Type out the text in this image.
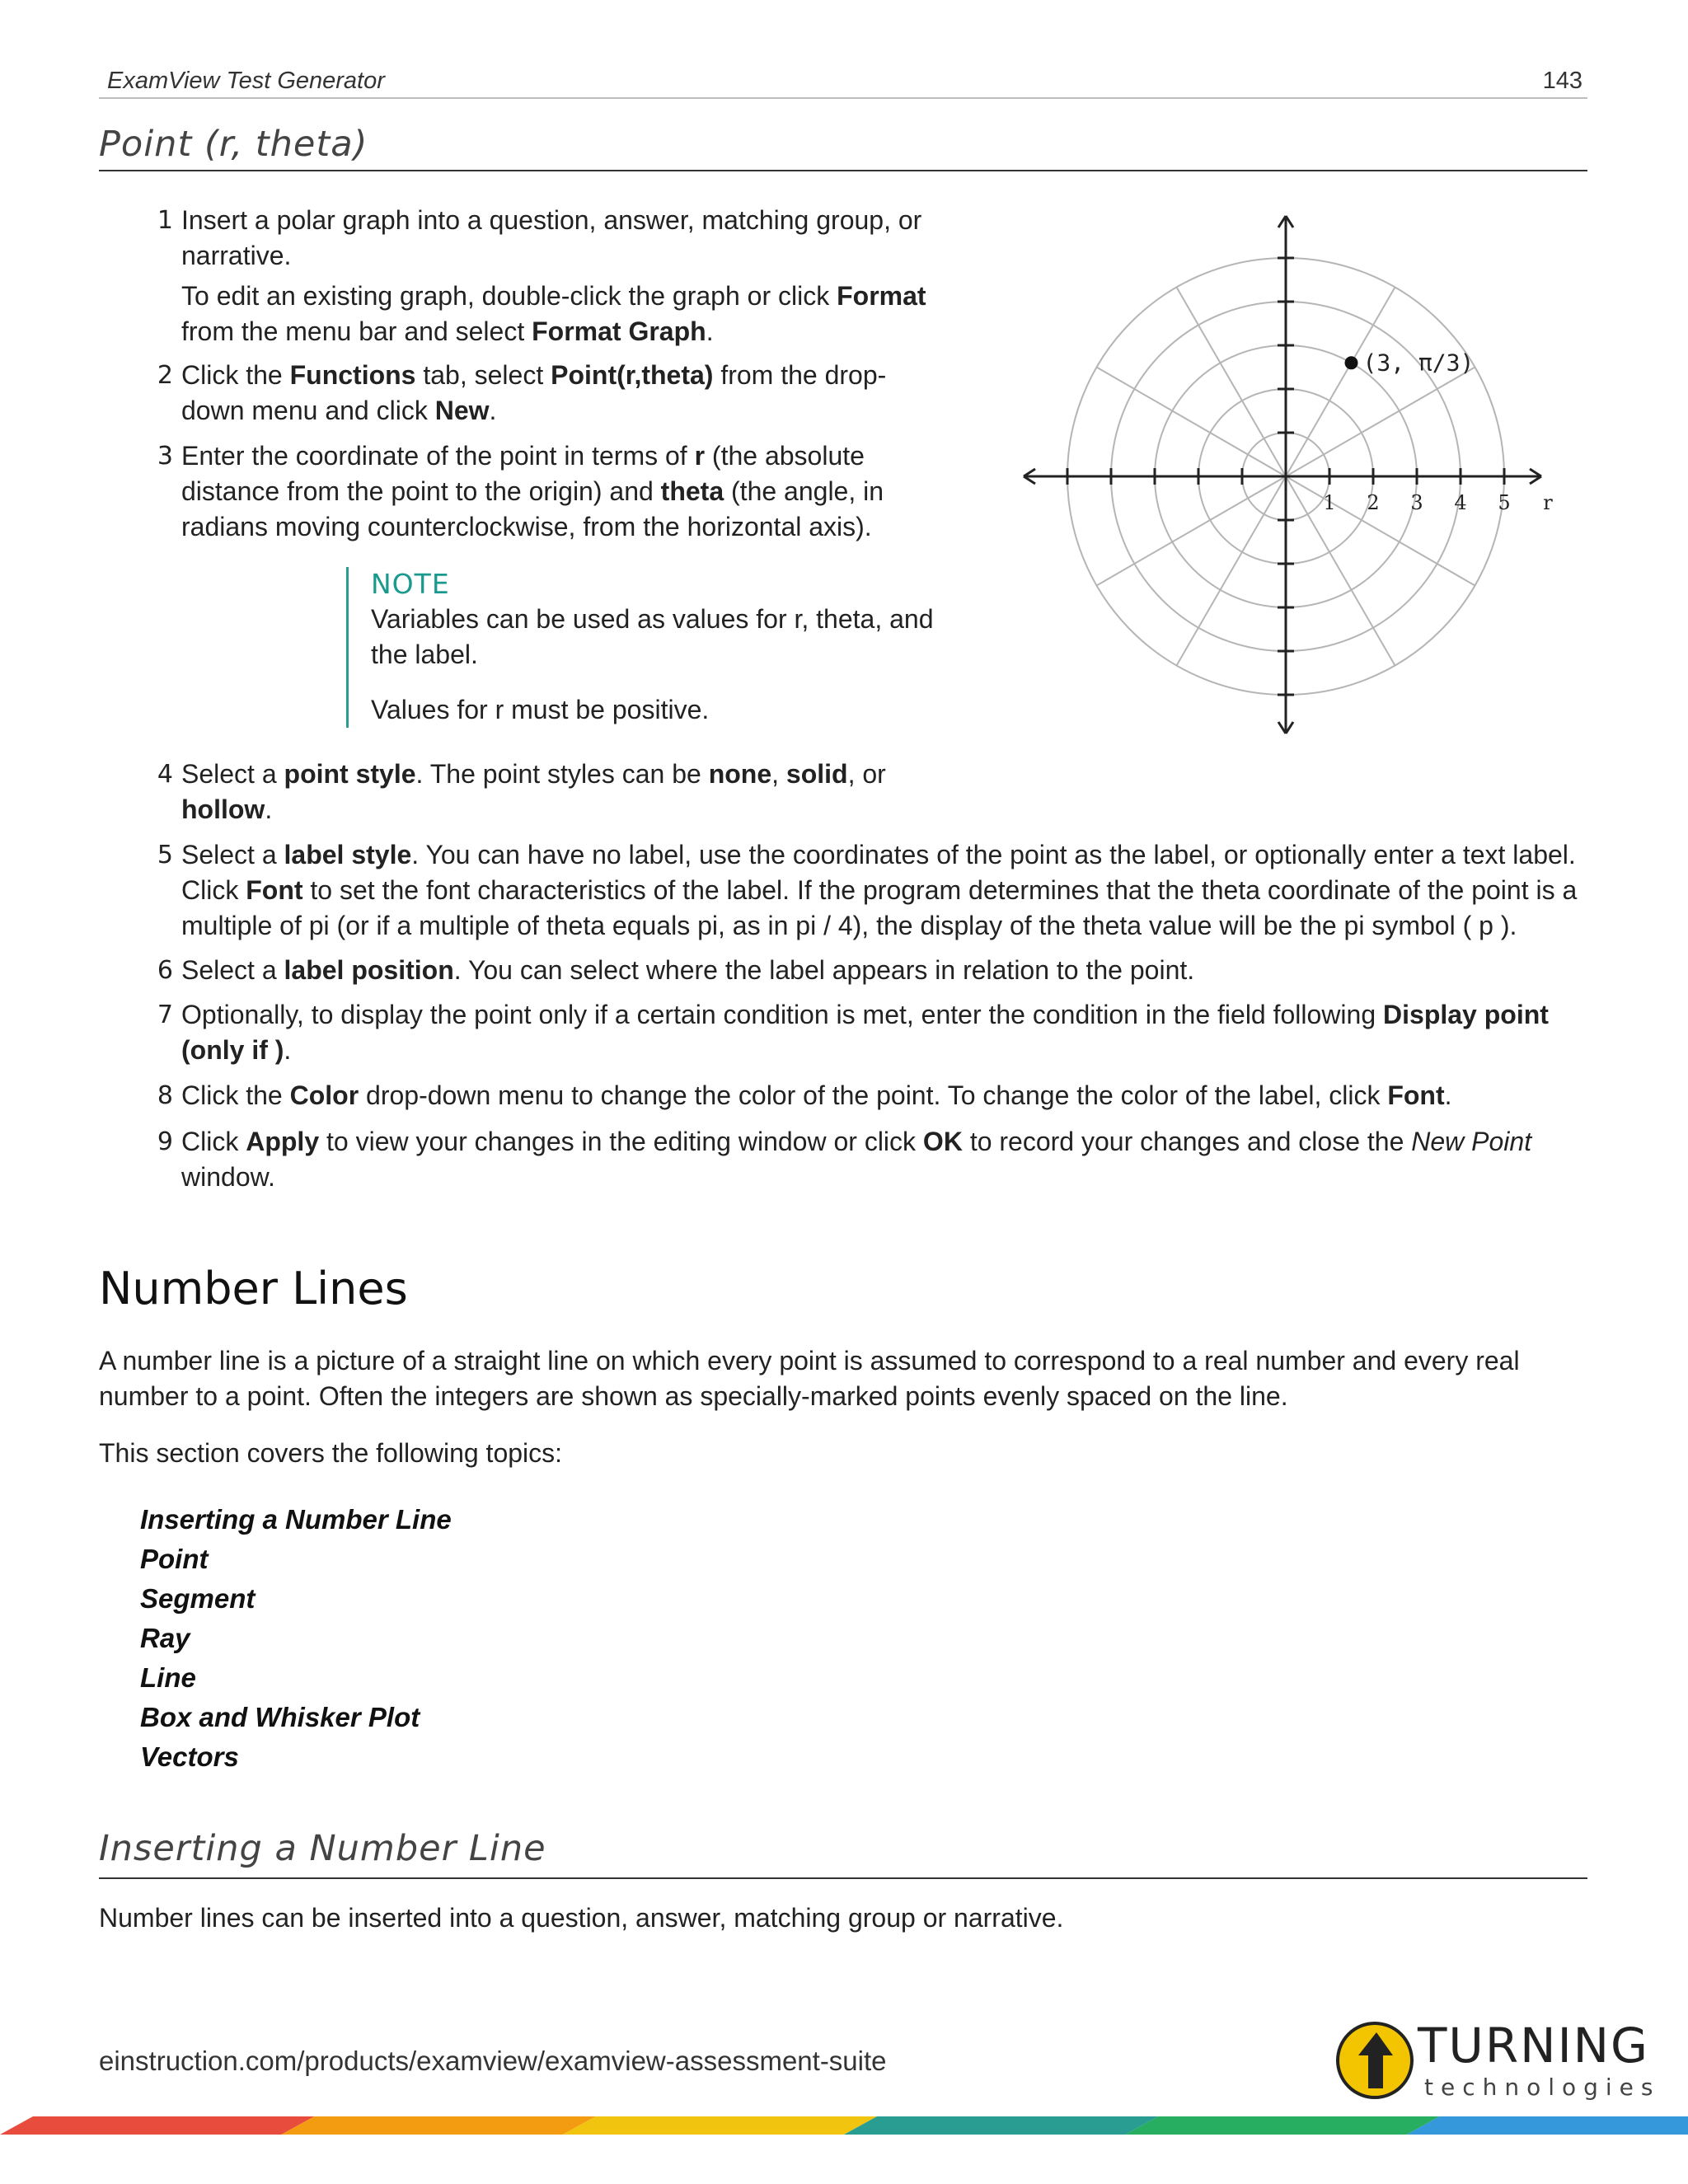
ExamView Test Generator	143
Point (r, theta)
1 Insert a polar graph into a question, answer, matching group, or narrative.

To edit an existing graph, double-click the graph or click Format from the menu bar and select Format Graph.

2 Click the Functions tab, select Point(r,theta) from the drop-down menu and click New.

3 Enter the coordinate of the point in terms of r (the absolute distance from the point to the origin) and theta (the angle, in radians moving counterclockwise, from the horizontal axis).

4 Select a point style. The point styles can be none, solid, or hollow.

5 Select a label style. You can have no label, use the coordinates of the point as the label, or optionally enter a text label. Click Font to set the font characteristics of the label. If the program determines that the theta coordinate of the point is a multiple of pi (or if a multiple of theta equals pi, as in pi / 4), the display of the theta value will be the pi symbol ( p ).

6 Select a label position. You can select where the label appears in relation to the point.

7 Optionally, to display the point only if a certain condition is met, enter the condition in the field following Display point (only if ).

8 Click the Color drop-down menu to change the color of the point. To change the color of the label, click Font.

9 Click Apply to view your changes in the editing window or click OK to record your changes and close the New Point window.

NOTE

Variables can be used as values for r, theta, and the label.

Values for r must be positive.

1 2 3 4 5 r
(3, π/3)
Number Lines
A number line is a picture of a straight line on which every point is assumed to correspond to a real number and every real number to a point. Often the integers are shown as specially-marked points evenly spaced on the line.
This section covers the following topics:
Inserting a Number Line
Point
Segment
Ray
Line
Box and Whisker Plot
Vectors
Inserting a Number Line
Number lines can be inserted into a question, answer, matching group or narrative.
einstruction.com/products/examview/examview-assessment-suite	TURNING
technologies
